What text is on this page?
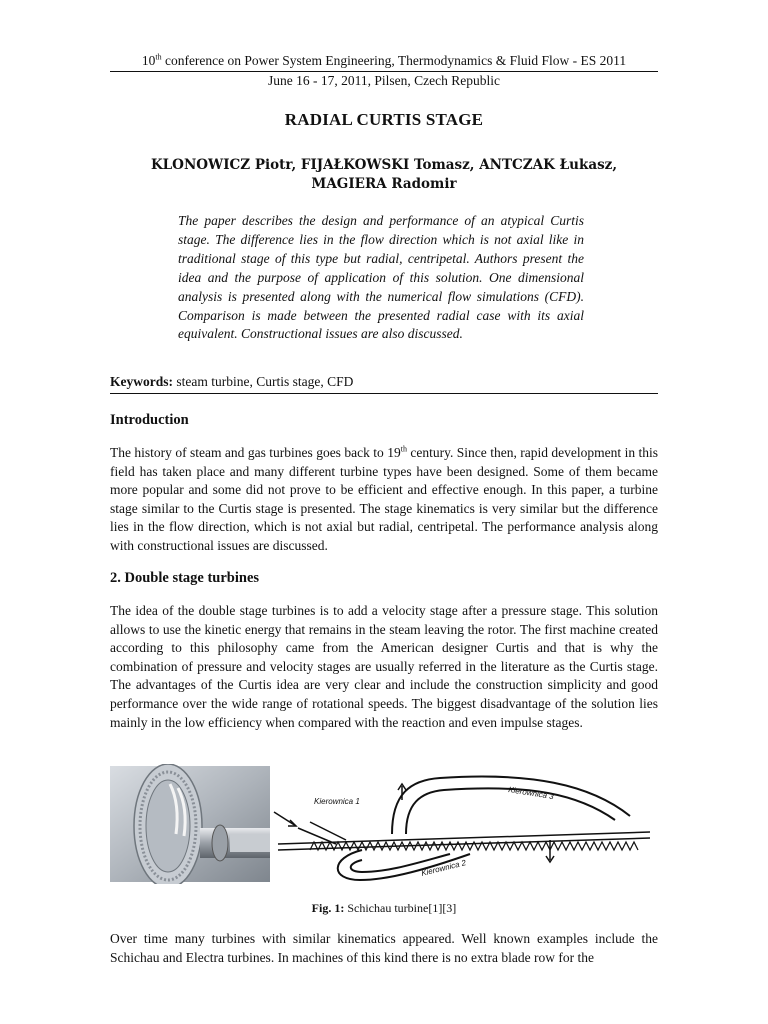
10th conference on Power System Engineering, Thermodynamics & Fluid Flow - ES 2011
June 16 - 17, 2011, Pilsen, Czech Republic
RADIAL CURTIS STAGE
KLONOWICZ Piotr, FIJAŁKOWSKI Tomasz, ANTCZAK Łukasz,
MAGIERA Radomir
The paper describes the design and performance of an atypical Curtis stage. The difference lies in the flow direction which is not axial like in traditional stage of this type but radial, centripetal. Authors present the idea and the purpose of application of this solution. One dimensional analysis is presented along with the numerical flow simulations (CFD). Comparison is made between the presented radial case with its axial equivalent. Constructional issues are also discussed.
Keywords: steam turbine, Curtis stage, CFD
Introduction
The history of steam and gas turbines goes back to 19th century. Since then, rapid development in this field has taken place and many different turbine types have been designed. Some of them became more popular and some did not prove to be efficient and effective enough. In this paper, a turbine stage similar to the Curtis stage is presented. The stage kinematics is very similar but the difference lies in the flow direction, which is not axial but radial, centripetal. The performance analysis along with constructional issues are discussed.
2. Double stage turbines
The idea of the double stage turbines is to add a velocity stage after a pressure stage. This solution allows to use the kinetic energy that remains in the steam leaving the rotor. The first machine created according to this philosophy came from the American designer Curtis and that is why the combination of pressure and velocity stages are usually referred in the literature as the Curtis stage. The advantages of the Curtis idea are very clear and include the construction simplicity and good performance over the wide range of rotational speeds. The biggest disadvantage of the solution lies mainly in the low efficiency when compared with the reaction and even impulse stages.
Kierownica 1
Kierownica 2
Kierownica 3
Fig. 1: Schichau turbine[1][3]
Over time many turbines with similar kinematics appeared. Well known examples include the Schichau and Electra turbines. In machines of this kind there is no extra blade row for the
